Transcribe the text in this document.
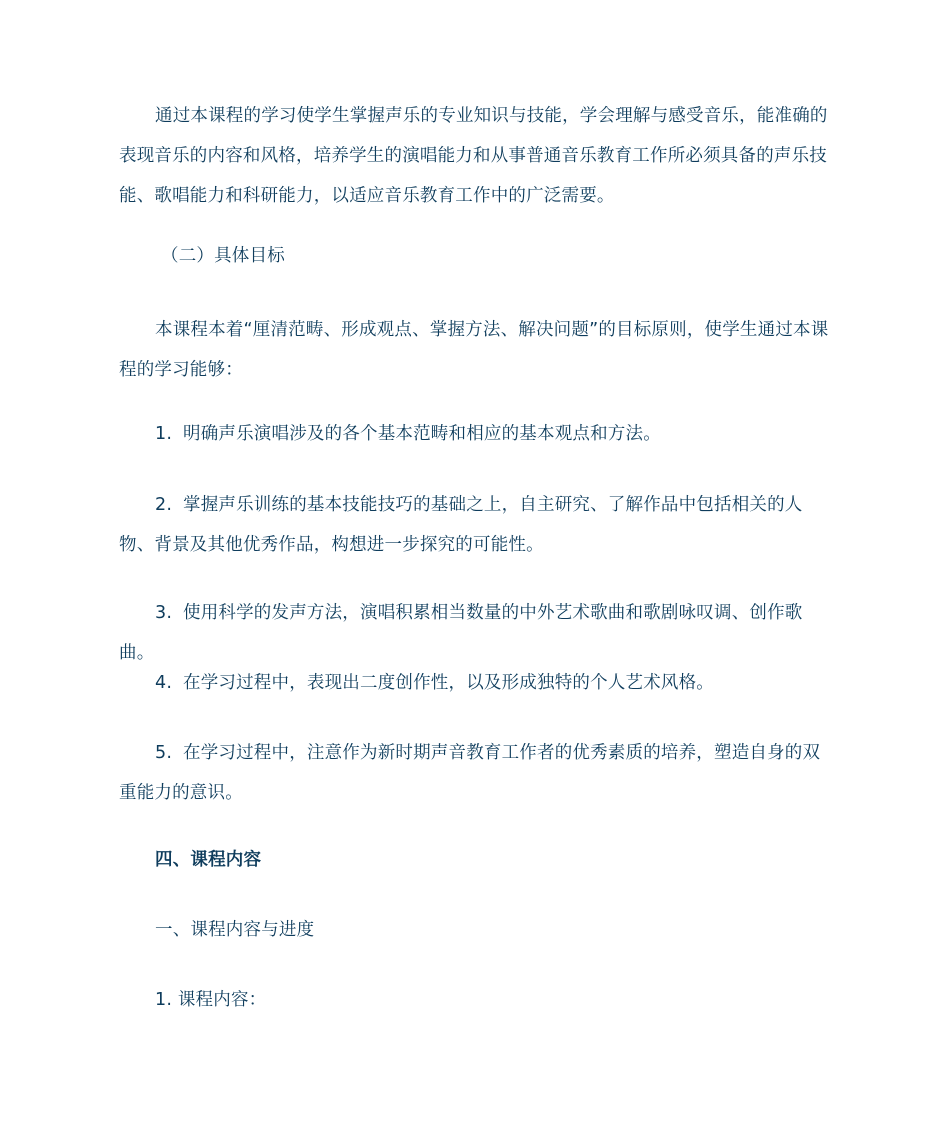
通过本课程的学习使学生掌握声乐的专业知识与技能，学会理解与感受音乐，能准确的表现音乐的内容和风格，培养学生的演唱能力和从事普通音乐教育工作所必须具备的声乐技能、歌唱能力和科研能力，以适应音乐教育工作中的广泛需要。

（二）具体目标

本课程本着“厘清范畴、形成观点、掌握方法、解决问题”的目标原则，使学生通过本课程的学习能够：

1. 明确声乐演唱涉及的各个基本范畴和相应的基本观点和方法。

2. 掌握声乐训练的基本技能技巧的基础之上，自主研究、了解作品中包括相关的人物、背景及其他优秀作品，构想进一步探究的可能性。

3. 使用科学的发声方法，演唱积累相当数量的中外艺术歌曲和歌剧咏叹调、创作歌曲。

4. 在学习过程中，表现出二度创作性，以及形成独特的个人艺术风格。

5. 在学习过程中，注意作为新时期声音教育工作者的优秀素质的培养，塑造自身的双重能力的意识。

四、课程内容

一、课程内容与进度

1. 课程内容：
